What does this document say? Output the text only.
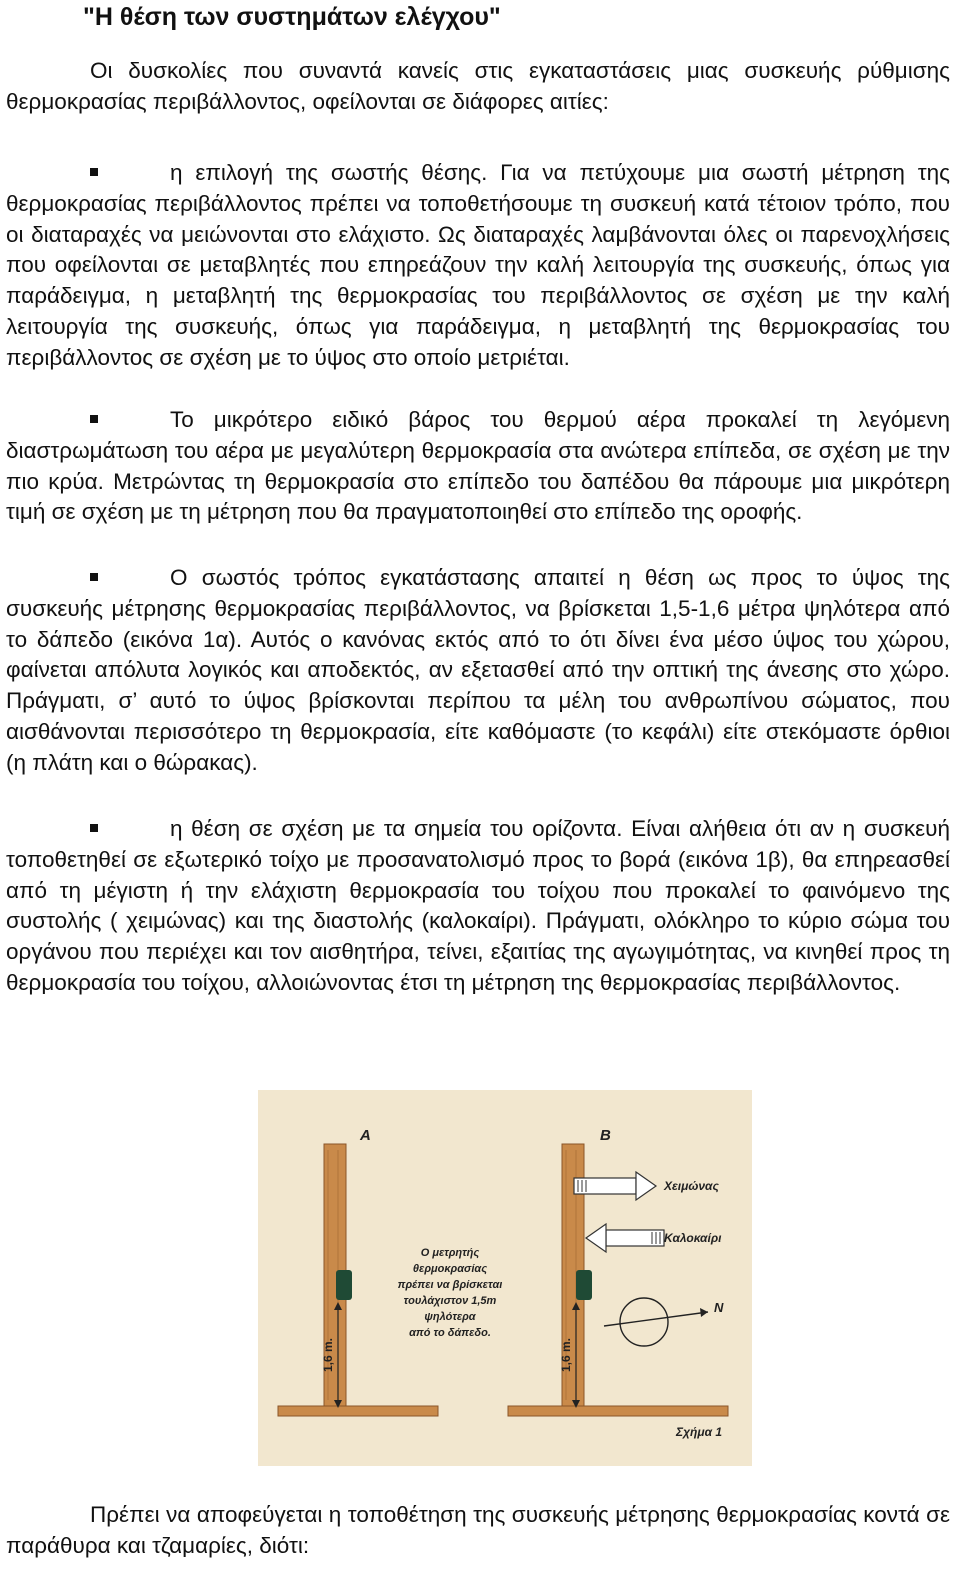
"Η θέση των συστημάτων ελέγχου"
Οι δυσκολίες που συναντά κανείς στις εγκαταστάσεις μιας συσκευής ρύθμισης θερμοκρασίας περιβάλλοντος, οφείλονται σε διάφορες αιτίες:
η επιλογή της σωστής θέσης. Για να πετύχουμε μια σωστή μέτρηση της θερμοκρασίας περιβάλλοντος πρέπει να τοποθετήσουμε τη συσκευή κατά τέτοιον τρόπο, που οι διαταραχές να μειώνονται στο ελάχιστο. Ως διαταραχές λαμβάνονται όλες οι παρενοχλήσεις που οφείλονται σε μεταβλητές που επηρεάζουν την καλή λειτουργία της συσκευής, όπως για παράδειγμα, η μεταβλητή της θερμοκρασίας του περιβάλλοντος σε σχέση με την καλή λειτουργία της συσκευής, όπως για παράδειγμα, η μεταβλητή της θερμοκρασίας του περιβάλλοντος σε σχέση με το ύψος στο οποίο μετριέται.
Το μικρότερο ειδικό βάρος του θερμού αέρα προκαλεί τη λεγόμενη διαστρωμάτωση του αέρα με μεγαλύτερη θερμοκρασία στα ανώτερα επίπεδα, σε σχέση με την πιο κρύα. Μετρώντας τη θερμοκρασία στο επίπεδο του δαπέδου θα πάρουμε μια μικρότερη τιμή σε σχέση με τη μέτρηση που θα πραγματοποιηθεί στο επίπεδο της οροφής.
Ο σωστός τρόπος εγκατάστασης απαιτεί η θέση ως προς το ύψος της συσκευής μέτρησης θερμοκρασίας περιβάλλοντος, να βρίσκεται 1,5-1,6 μέτρα ψηλότερα από το δάπεδο (εικόνα 1α). Αυτός ο κανόνας εκτός από το ότι δίνει ένα μέσο ύψος του χώρου, φαίνεται απόλυτα λογικός και αποδεκτός, αν εξετασθεί από την οπτική της άνεσης στο χώρο. Πράγματι, σ’ αυτό το ύψος βρίσκονται περίπου τα μέλη του ανθρωπίνου σώματος, που αισθάνονται περισσότερο τη θερμοκρασία, είτε καθόμαστε (το κεφάλι) είτε στεκόμαστε όρθιοι (η πλάτη και ο θώρακας).
η θέση σε σχέση με τα σημεία του ορίζοντα. Είναι αλήθεια ότι αν η συσκευή τοποθετηθεί σε εξωτερικό τοίχο με προσανατολισμό προς το βορά (εικόνα 1β), θα επηρεασθεί από τη μέγιστη ή την ελάχιστη θερμοκρασία του τοίχου που προκαλεί το φαινόμενο της συστολής ( χειμώνας) και της διαστολής (καλοκαίρι). Πράγματι, ολόκληρο το κύριο σώμα του οργάνου που περιέχει και τον αισθητήρα, τείνει, εξαιτίας της αγωγιμότητας, να κινηθεί προς τη θερμοκρασία του τοίχου, αλλοιώνοντας έτσι τη μέτρηση της θερμοκρασίας περιβάλλοντος.
A
1,6 m.
Ο μετρητής
θερμοκρασίας
πρέπει να βρίσκεται
τουλάχιστον 1,5m
ψηλότερα
από το δάπεδο.
B
1,6 m.
Χειμώνας
Καλοκαίρι
N
Σχήμα 1
Πρέπει να αποφεύγεται η τοποθέτηση της συσκευής μέτρησης θερμοκρασίας κοντά σε παράθυρα και τζαμαρίες, διότι:
